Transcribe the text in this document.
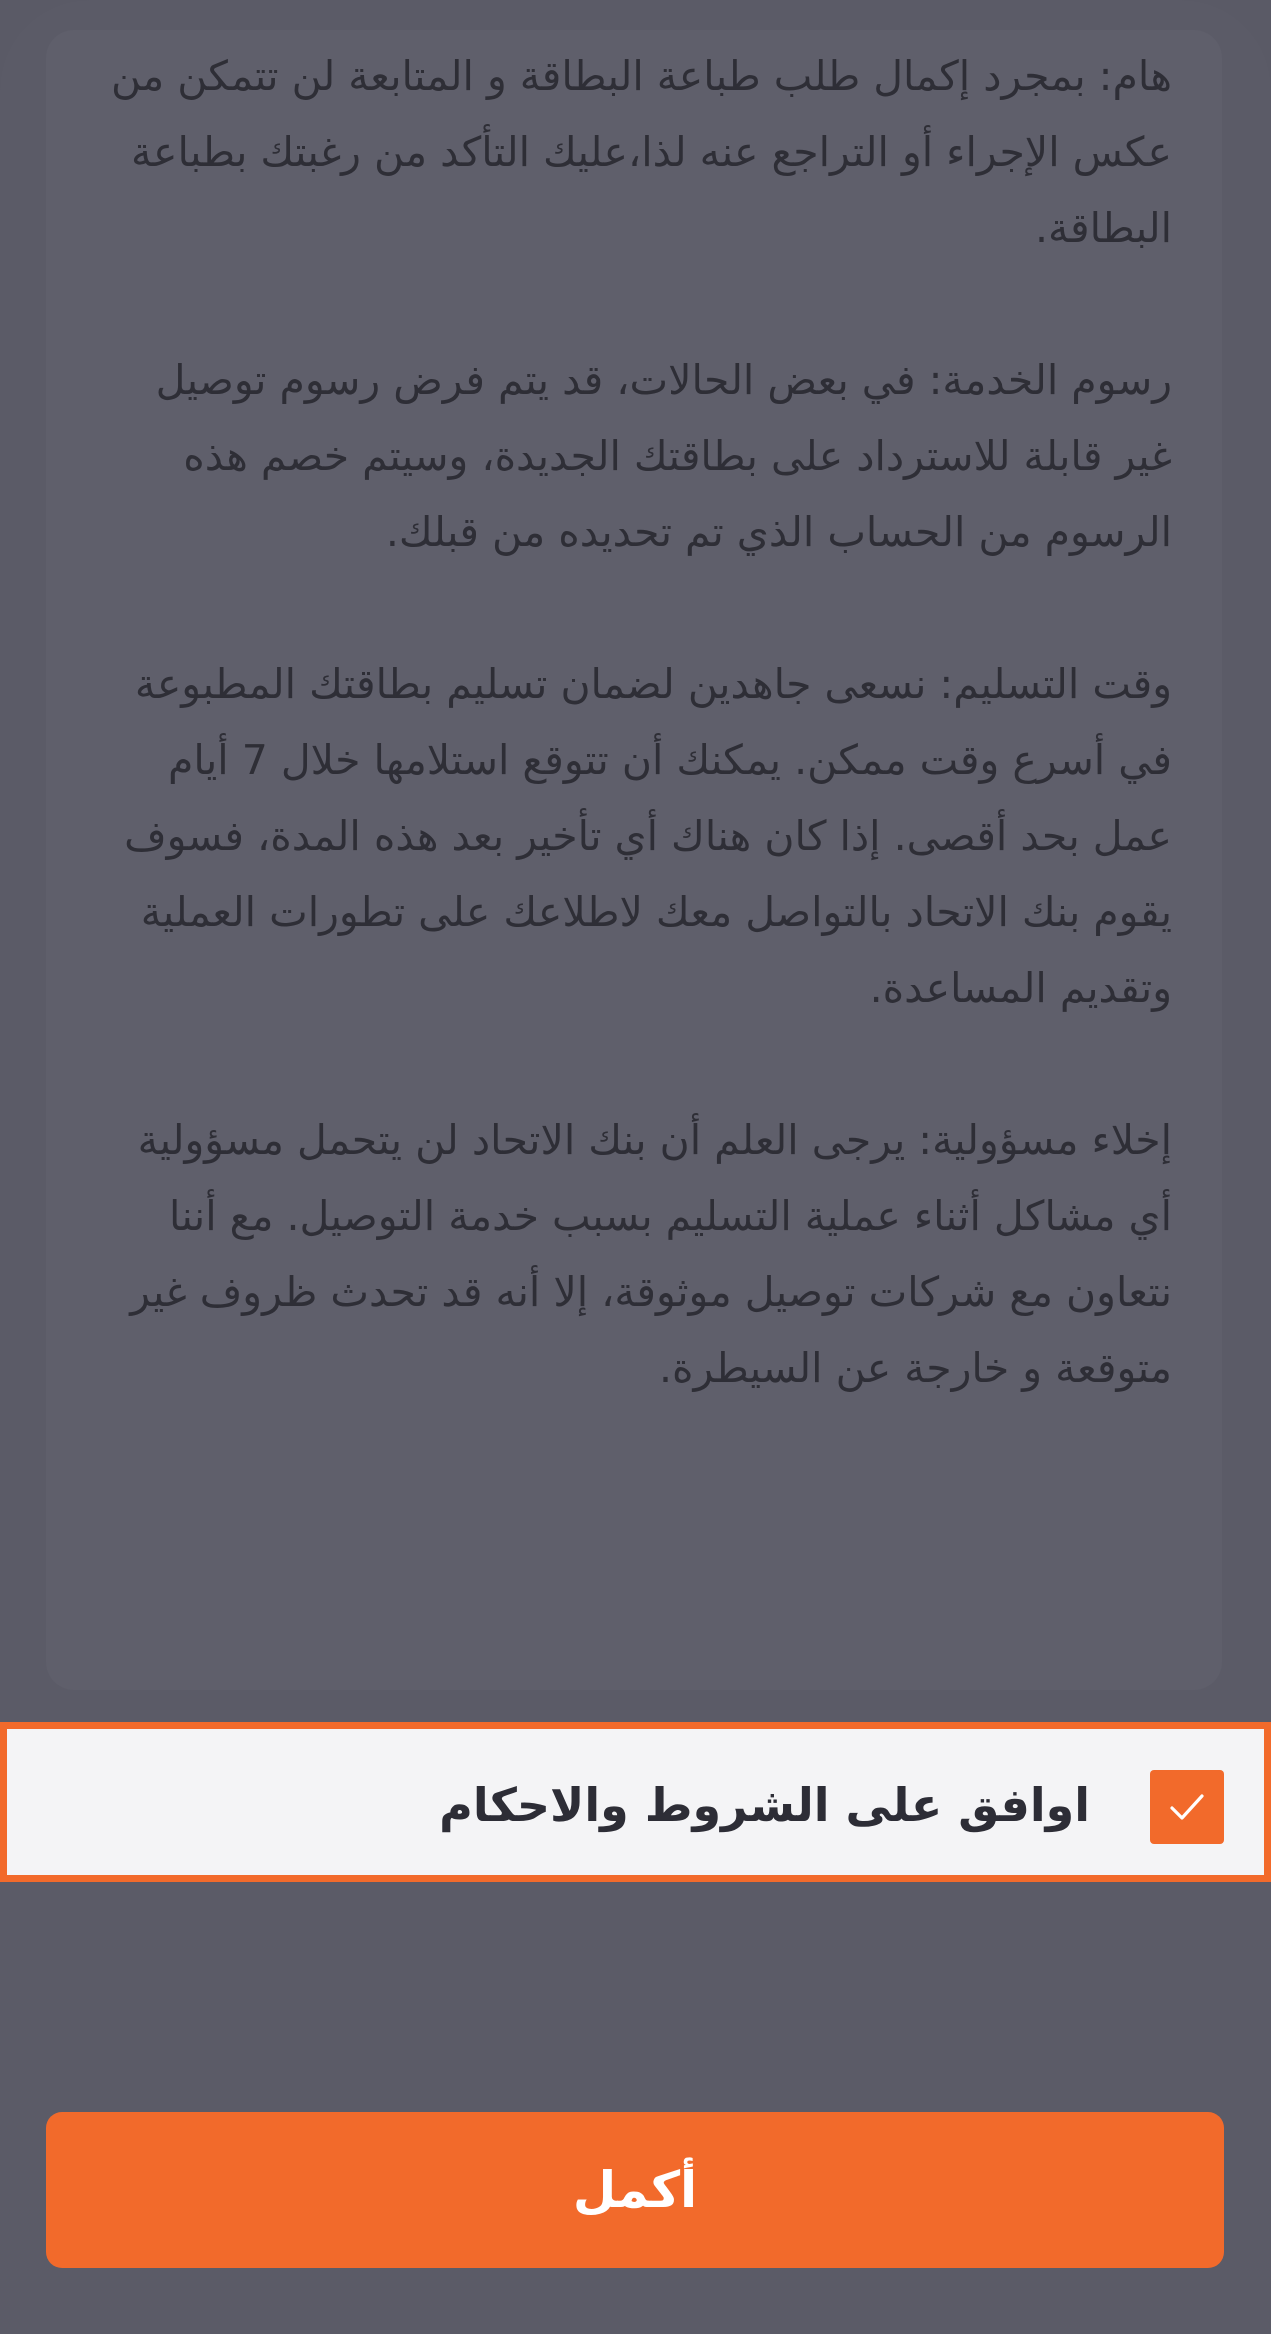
هام: بمجرد إكمال طلب طباعة البطاقة و المتابعة لن تتمكن من عكس الإجراء أو التراجع عنه لذا،عليك التأكد من رغبتك بطباعة البطاقة.

رسوم الخدمة: في بعض الحالات، قد يتم فرض رسوم توصيل غير قابلة للاسترداد على بطاقتك الجديدة، وسيتم خصم هذه الرسوم من الحساب الذي تم تحديده من قبلك.

وقت التسليم: نسعى جاهدين لضمان تسليم بطاقتك المطبوعة في أسرع وقت ممكن. يمكنك أن تتوقع استلامها خلال 7 أيام عمل بحد أقصى. إذا كان هناك أي تأخير بعد هذه المدة، فسوف يقوم بنك الاتحاد بالتواصل معك لاطلاعك على تطورات العملية وتقديم المساعدة.

إخلاء مسؤولية: يرجى العلم أن بنك الاتحاد لن يتحمل مسؤولية أي مشاكل أثناء عملية التسليم بسبب خدمة التوصيل. مع أننا نتعاون مع شركات توصيل موثوقة، إلا أنه قد تحدث ظروف غير متوقعة و خارجة عن السيطرة.

اوافق على الشروط والاحكام
أكمل
